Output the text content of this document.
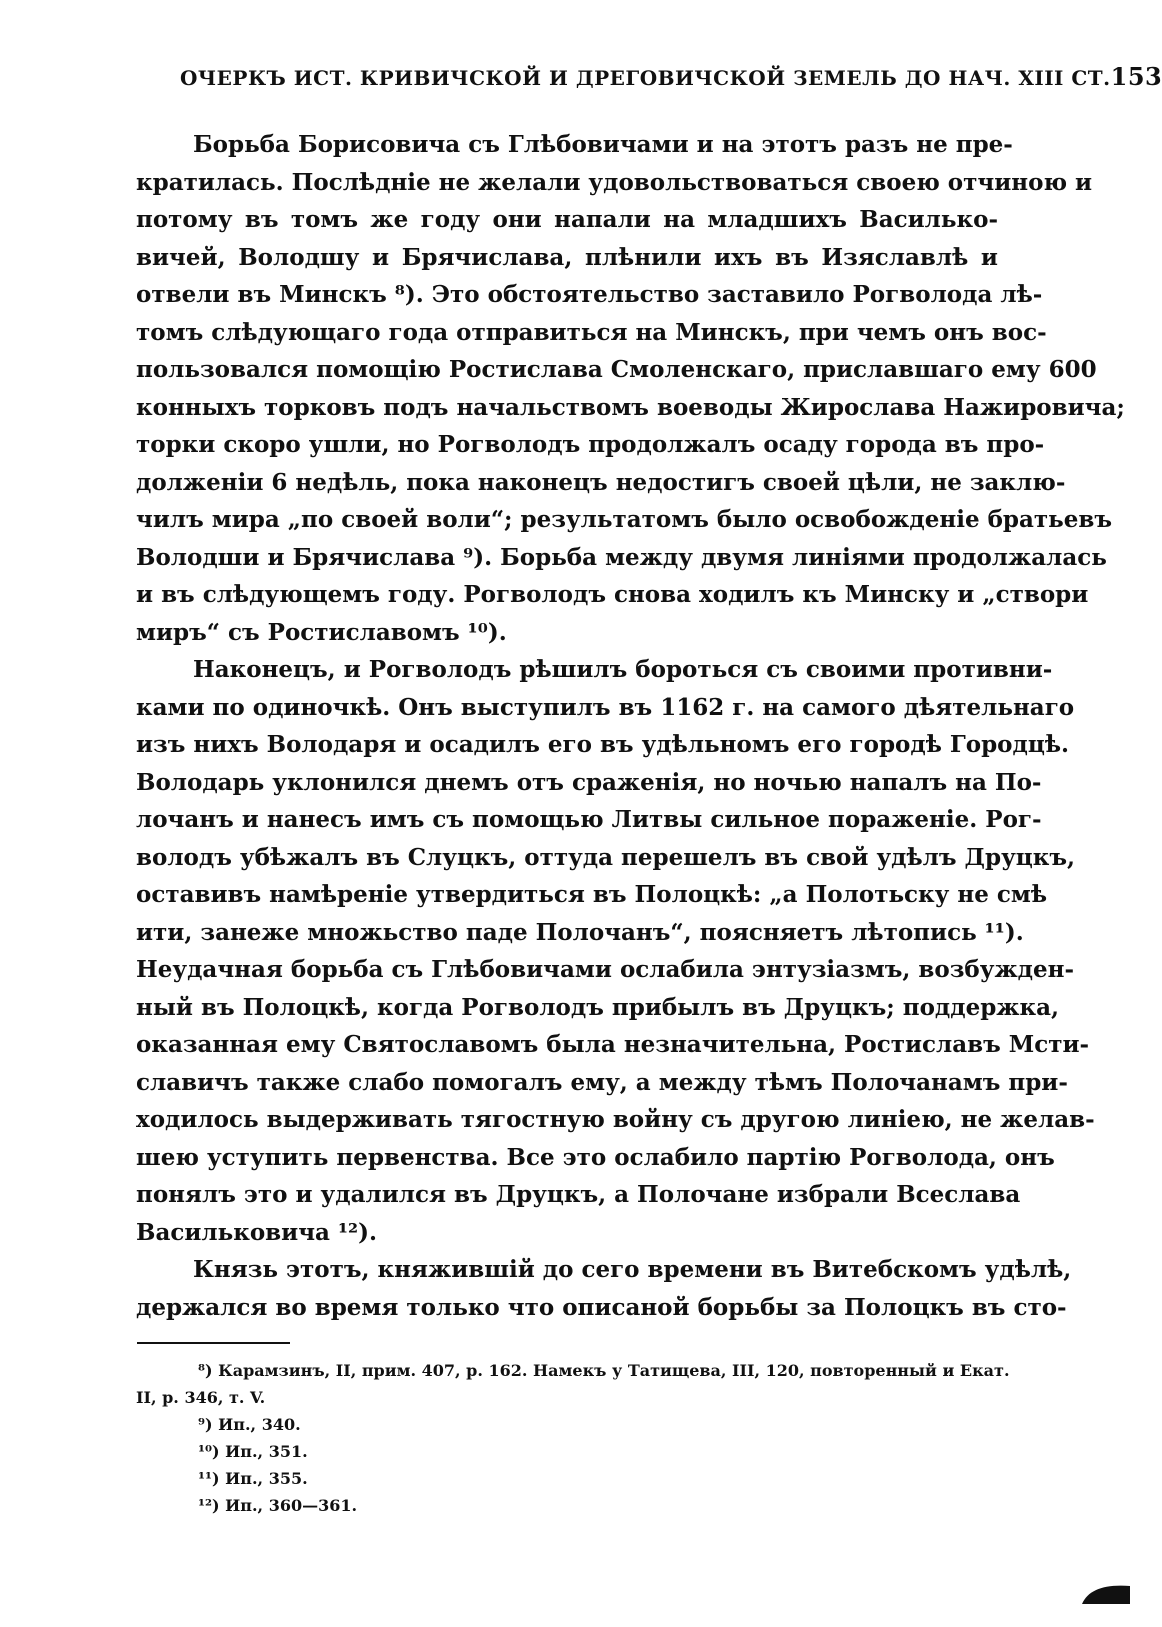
ОЧЕРКЪ ИСТ. КРИВИЧСКОЙ И ДРЕГОВИЧСКОЙ ЗЕМЕЛЬ ДО НАЧ. XIII СТ. 153
Борьба Борисовича съ Глѣбовичами и на этотъ разъ не пре-
кратилась. Послѣдніе не желали удовольствоваться своею отчиною и
потому въ томъ же году они напали на младшихъ Василько-
вичей, Володшу и Брячислава, плѣнили ихъ въ Изяславлѣ и
отвели въ Минскъ ⁸). Это обстоятельство заставило Рогволода лѣ-
томъ слѣдующаго года отправиться на Минскъ, при чемъ онъ вос-
пользовался помощію Ростислава Смоленскаго, приславшаго ему 600
конныхъ торковъ подъ начальствомъ воеводы Жирослава Нажировича;
торки скоро ушли, но Рогволодъ продолжалъ осаду города въ про-
долженіи 6 недѣль, пока наконецъ недостигъ своей цѣли, не заклю-
чилъ мира „по своей воли“; результатомъ было освобожденіе братьевъ
Володши и Брячислава ⁹). Борьба между двумя линіями продолжалась
и въ слѣдующемъ году. Рогволодъ снова ходилъ къ Минску и „створи
миръ“ съ Ростиславомъ ¹⁰).
Наконецъ, и Рогволодъ рѣшилъ бороться съ своими противни-
ками по одиночкѣ. Онъ выступилъ въ 1162 г. на самого дѣятельнаго
изъ нихъ Володаря и осадилъ его въ удѣльномъ его городѣ Городцѣ.
Володарь уклонился днемъ отъ сраженія, но ночью напалъ на По-
лочанъ и нанесъ имъ съ помощью Литвы сильное пораженіе. Рог-
володъ убѣжалъ въ Слуцкъ, оттуда перешелъ въ свой удѣлъ Друцкъ,
оставивъ намѣреніе утвердиться въ Полоцкѣ: „а Полотьску не смѣ
ити, занеже множьство паде Полочанъ“, поясняетъ лѣтопись ¹¹).
Неудачная борьба съ Глѣбовичами ослабила энтузіазмъ, возбужден-
ный въ Полоцкѣ, когда Рогволодъ прибылъ въ Друцкъ; поддержка,
оказанная ему Святославомъ была незначительна, Ростиславъ Мсти-
славичъ также слабо помогалъ ему, а между тѣмъ Полочанамъ при-
ходилось выдерживать тягостную войну съ другою линіею, не желав-
шею уступить первенства. Все это ослабило партію Рогволода, онъ
понялъ это и удалился въ Друцкъ, а Полочане избрали Всеслава
Васильковича ¹²).
Князь этотъ, княжившій до сего времени въ Витебскомъ удѣлѣ,
держался во время только что описаной борьбы за Полоцкъ въ сто-
⁸) Карамзинъ, II, прим. 407, р. 162. Намекъ у Татищева, III, 120, повторенный и Екат.
II, р. 346, т. V.
⁹) Ип., 340.
¹⁰) Ип., 351.
¹¹) Ип., 355.
¹²) Ип., 360—361.
